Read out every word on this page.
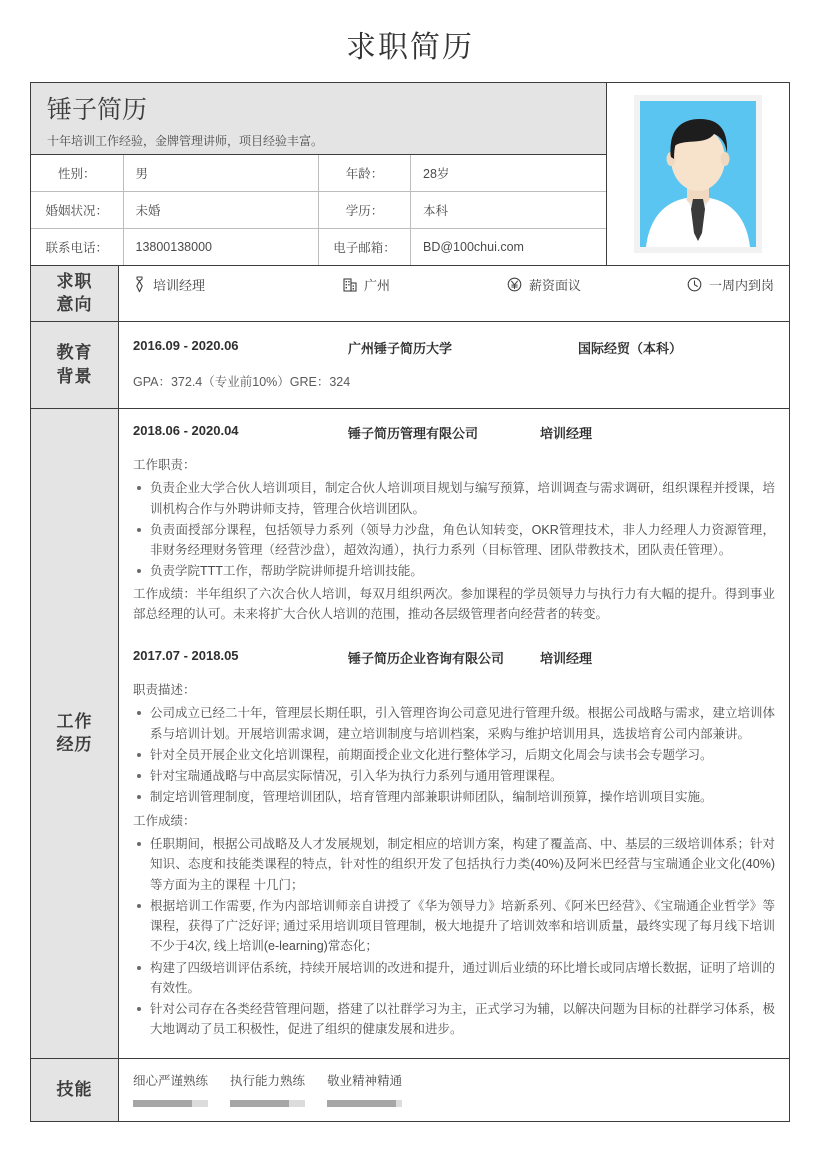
求职简历
锤子简历
十年培训工作经验，金牌管理讲师，项目经验丰富。
性别：	男	年龄：	28岁
婚姻状况：	未婚	学历：	本科
联系电话：	13800138000	电子邮箱：	BD@100chui.com
求职
意向
培训经理	广州	薪资面议	一周内到岗
教育
背景
2016.09 - 2020.06	广州锤子简历大学	国际经贸（本科）
GPA：372.4（专业前10%）GRE：324
工作
经历
2018.06 - 2020.04	锤子简历管理有限公司	培训经理
工作职责：
负责企业大学合伙人培训项目，制定合伙人培训项目规划与编写预算，培训调查与需求调研，组织课程并授课，培训机构合作与外聘讲师支持，管理合伙培训团队。
负责面授部分课程，包括领导力系列（领导力沙盘，角色认知转变，OKR管理技术，非人力经理人力资源管理，非财务经理财务管理（经营沙盘），超效沟通），执行力系列（目标管理、团队带教技术，团队责任管理）。
负责学院TTT工作，帮助学院讲师提升培训技能。
工作成绩：半年组织了六次合伙人培训，每双月组织两次。参加课程的学员领导力与执行力有大幅的提升。得到事业部总经理的认可。未来将扩大合伙人培训的范围，推动各层级管理者向经营者的转变。
2017.07 - 2018.05	锤子简历企业咨询有限公司	培训经理
职责描述：
公司成立已经二十年，管理层长期任职，引入管理咨询公司意见进行管理升级。根据公司战略与需求，建立培训体系与培训计划。开展培训需求调，建立培训制度与培训档案，采购与维护培训用具，选拔培育公司内部兼讲。
针对全员开展企业文化培训课程，前期面授企业文化进行整体学习，后期文化周会与读书会专题学习。
针对宝瑞通战略与中高层实际情况，引入华为执行力系列与通用管理课程。
制定培训管理制度，管理培训团队，培育管理内部兼职讲师团队，编制培训预算，操作培训项目实施。
工作成绩：
任职期间，根据公司战略及人才发展规划，制定相应的培训方案，构建了覆盖高、中、基层的三级培训体系；针对知识、态度和技能类课程的特点，针对性的组织开发了包括执行力类(40%)及阿米巴经营与宝瑞通企业文化(40%)等方面为主的课程 十几门；
根据培训工作需要, 作为内部培训师亲自讲授了《华为领导力》培新系列、《阿米巴经营》、《宝瑞通企业哲学》等课程，获得了广泛好评; 通过采用培训项目管理制，极大地提升了培训效率和培训质量，最终实现了每月线下培训不少于4次, 线上培训(e-learning)常态化；
构建了四级培训评估系统，持续开展培训的改进和提升，通过训后业绩的环比增长或同店增长数据，证明了培训的有效性。
针对公司存在各类经营管理问题，搭建了以社群学习为主，正式学习为辅，以解决问题为目标的社群学习体系，极大地调动了员工积极性，促进了组织的健康发展和进步。
技能	细心严谨 熟练 执行能力 熟练 敬业精神 精通
